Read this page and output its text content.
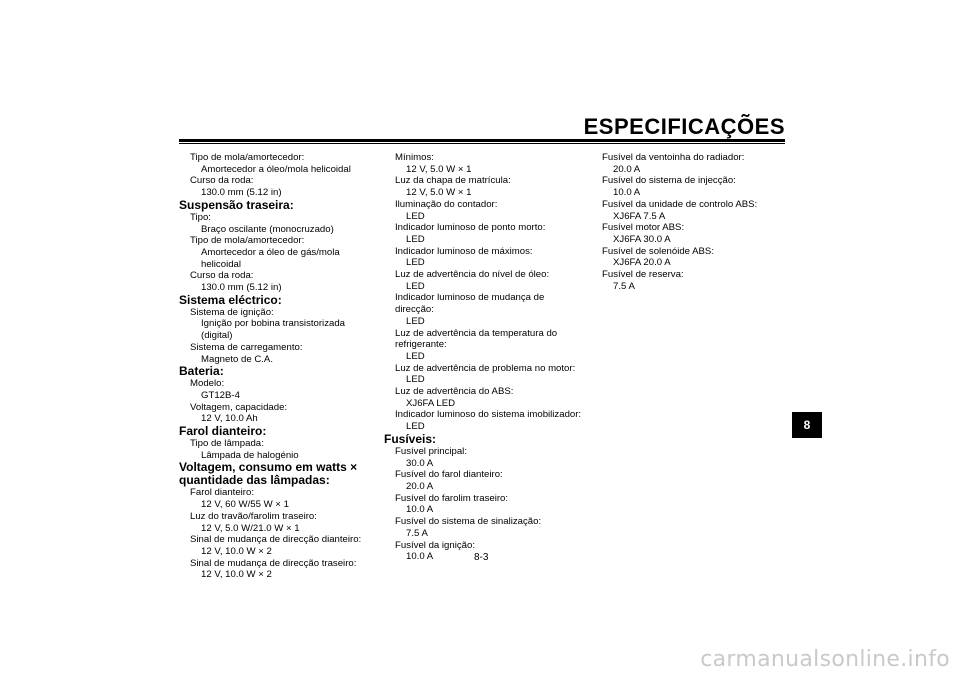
ESPECIFICAÇÕES
Tipo de mola/amortecedor:
Amortecedor a óleo/mola helicoidal
Curso da roda:
130.0 mm (5.12 in)
Suspensão traseira:
Tipo:
Braço oscilante (monocruzado)
Tipo de mola/amortecedor:
Amortecedor a óleo de gás/mola helicoidal
Curso da roda:
130.0 mm (5.12 in)
Sistema eléctrico:
Sistema de ignição:
Ignição por bobina transistorizada (digital)
Sistema de carregamento:
Magneto de C.A.
Bateria:
Modelo:
GT12B-4
Voltagem, capacidade:
12 V, 10.0 Ah
Farol dianteiro:
Tipo de lâmpada:
Lâmpada de halogénio
Voltagem, consumo em watts ×
quantidade das lâmpadas:
Farol dianteiro:
12 V, 60 W/55 W × 1
Luz do travão/farolim traseiro:
12 V, 5.0 W/21.0 W × 1
Sinal de mudança de direcção dianteiro:
12 V, 10.0 W × 2
Sinal de mudança de direcção traseiro:
12 V, 10.0 W × 2
Mínimos:
12 V, 5.0 W × 1
Luz da chapa de matrícula:
12 V, 5.0 W × 1
Iluminação do contador:
LED
Indicador luminoso de ponto morto:
LED
Indicador luminoso de máximos:
LED
Luz de advertência do nível de óleo:
LED
Indicador luminoso de mudança de direcção:
LED
Luz de advertência da temperatura do
refrigerante:
LED
Luz de advertência de problema no motor:
LED
Luz de advertência do ABS:
XJ6FA LED
Indicador luminoso do sistema imobilizador:
LED
Fusíveis:
Fusível principal:
30.0 A
Fusível do farol dianteiro:
20.0 A
Fusível do farolim traseiro:
10.0 A
Fusível do sistema de sinalização:
7.5 A
Fusível da ignição:
10.0 A
Fusível da ventoinha do radiador:
20.0 A
Fusível do sistema de injecção:
10.0 A
Fusível da unidade de controlo ABS:
XJ6FA 7.5 A
Fusível motor ABS:
XJ6FA 30.0 A
Fusível de solenóide ABS:
XJ6FA 20.0 A
Fusível de reserva:
7.5 A
8-3
8
carmanualsonline.info
